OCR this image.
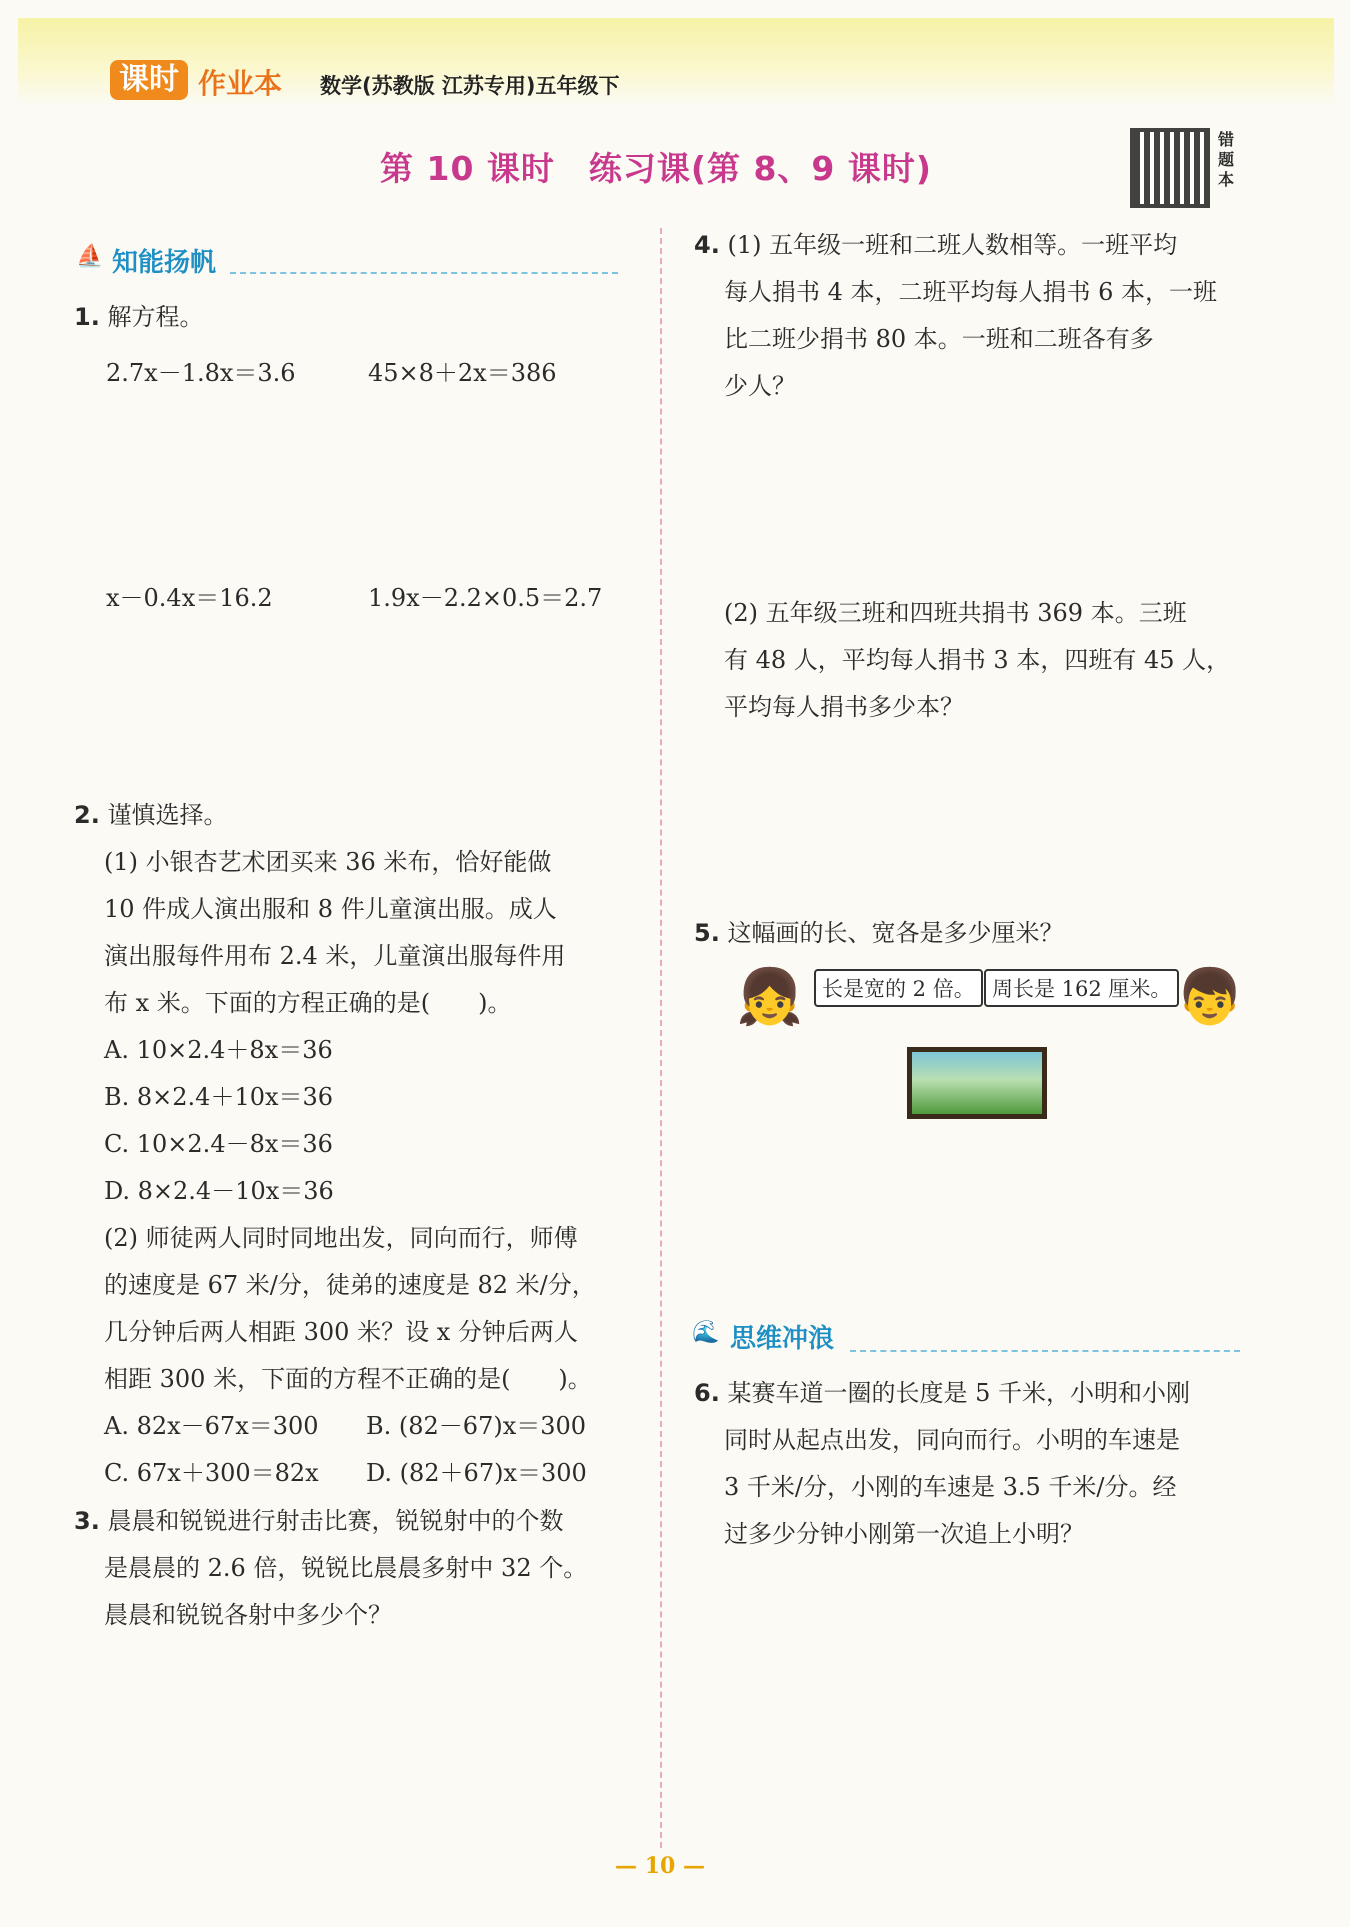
课时 作业本 数学(苏教版 江苏专用)五年级下
第 10 课时　练习课(第 8、9 课时)
错题本
⛵ 知能扬帆
1. 解方程。
2.7x－1.8x＝3.6	45×8＋2x＝386
x－0.4x＝16.2	1.9x－2.2×0.5＝2.7
2. 谨慎选择。
(1) 小银杏艺术团买来 36 米布，恰好能做
10 件成人演出服和 8 件儿童演出服。成人
演出服每件用布 2.4 米，儿童演出服每件用
布 x 米。下面的方程正确的是(　　)。
A. 10×2.4＋8x＝36
B. 8×2.4＋10x＝36
C. 10×2.4－8x＝36
D. 8×2.4－10x＝36
(2) 师徒两人同时同地出发，同向而行，师傅
的速度是 67 米/分，徒弟的速度是 82 米/分，
几分钟后两人相距 300 米？设 x 分钟后两人
相距 300 米，下面的方程不正确的是(　　)。
A. 82x－67x＝300 B. (82－67)x＝300
C. 67x＋300＝82x D. (82＋67)x＝300
3. 晨晨和锐锐进行射击比赛，锐锐射中的个数
是晨晨的 2.6 倍，锐锐比晨晨多射中 32 个。
晨晨和锐锐各射中多少个？
4. (1) 五年级一班和二班人数相等。一班平均
每人捐书 4 本，二班平均每人捐书 6 本，一班
比二班少捐书 80 本。一班和二班各有多
少人？
(2) 五年级三班和四班共捐书 369 本。三班
有 48 人，平均每人捐书 3 本，四班有 45 人，
平均每人捐书多少本？
5. 这幅画的长、宽各是多少厘米？
👧 长是宽的 2 倍。 周长是 162 厘米。 👦
🌊 思维冲浪
6. 某赛车道一圈的长度是 5 千米，小明和小刚
同时从起点出发，同向而行。小明的车速是
3 千米/分，小刚的车速是 3.5 千米/分。经
过多少分钟小刚第一次追上小明？
— 10 —
